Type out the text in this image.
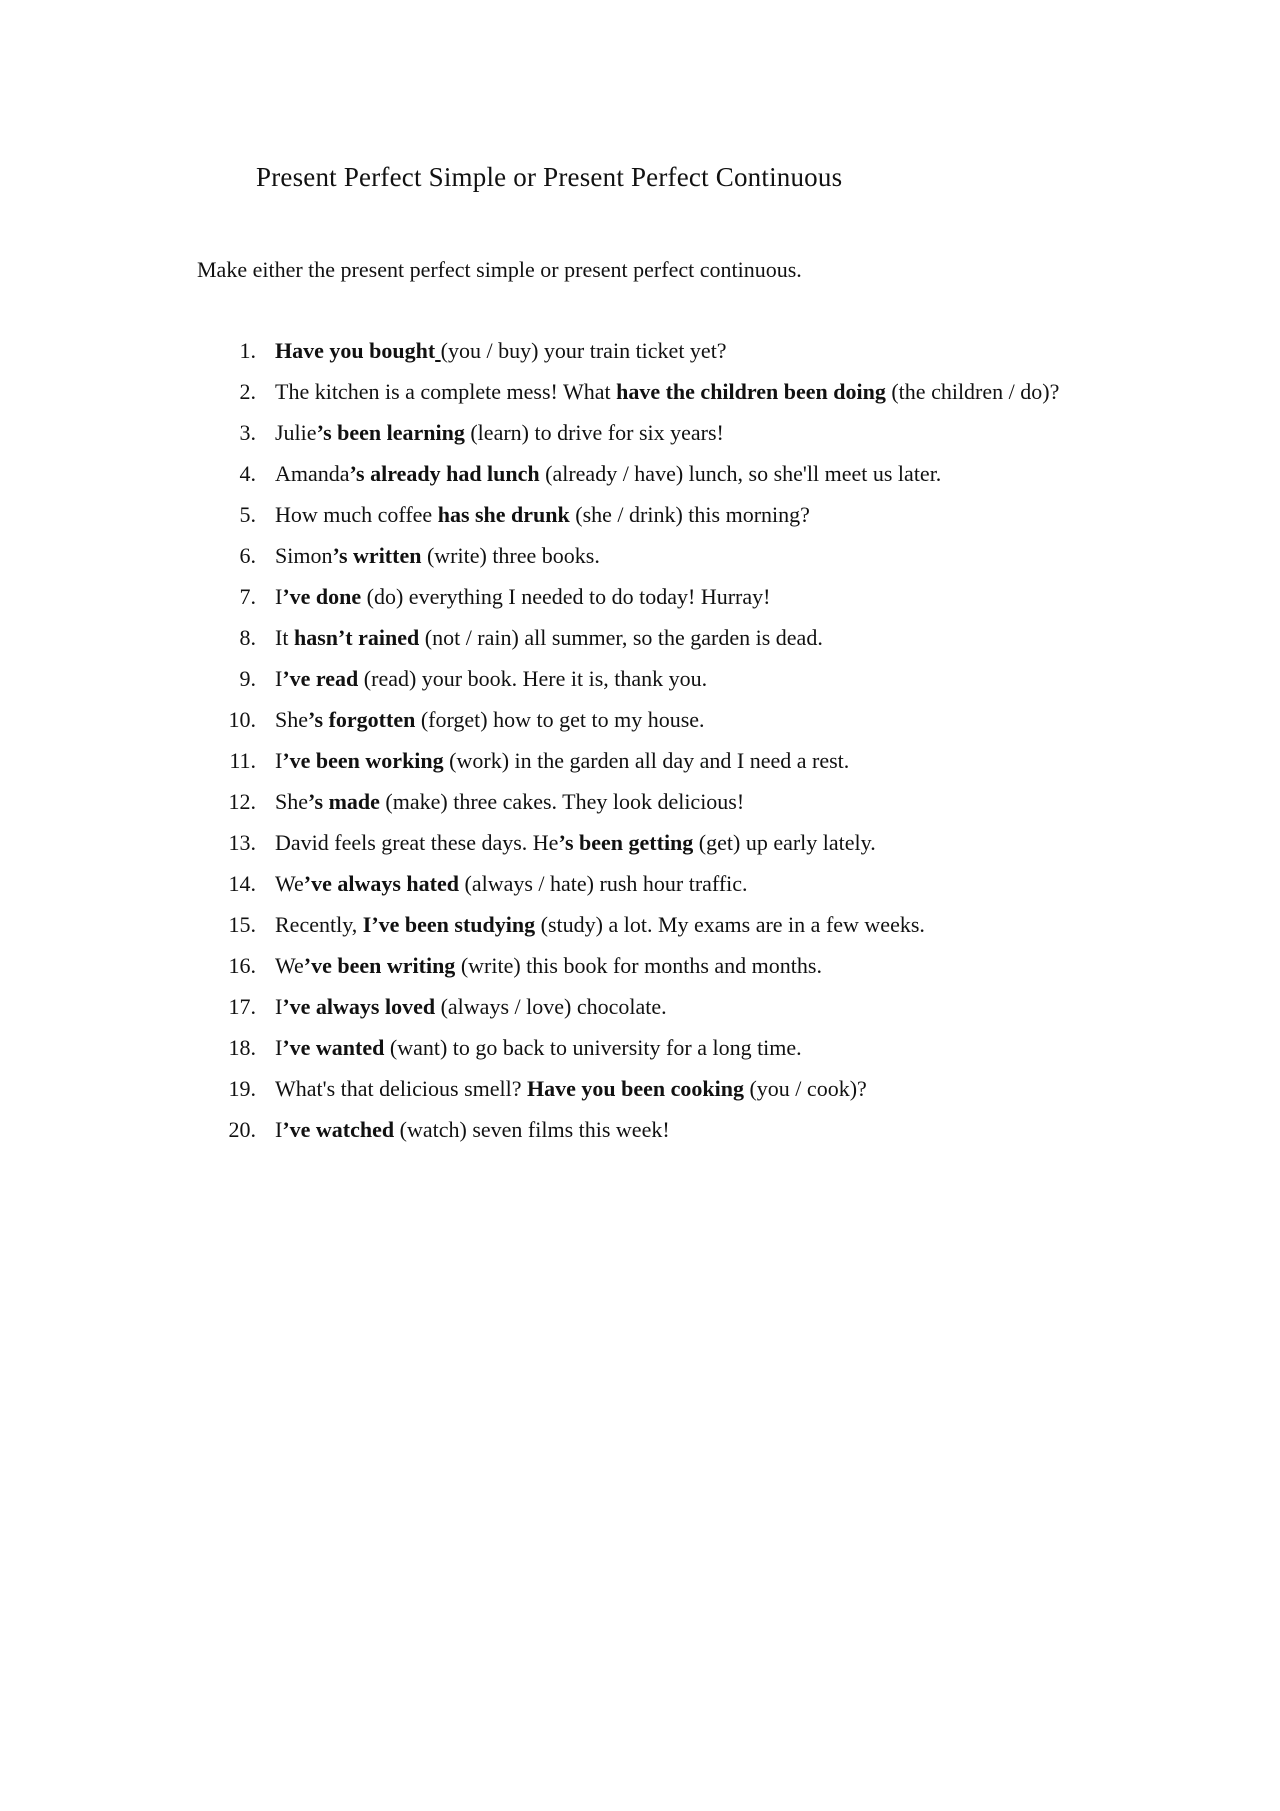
Present Perfect Simple or Present Perfect Continuous

Make either the present perfect simple or present perfect continuous.

1. Have you bought (you / buy) your train ticket yet?
2. The kitchen is a complete mess! What have the children been doing (the children / do)?
3. Julie’s been learning (learn) to drive for six years!
4. Amanda’s already had lunch (already / have) lunch, so she'll meet us later.
5. How much coffee has she drunk (she / drink) this morning?
6. Simon’s written (write) three books.
7. I’ve done (do) everything I needed to do today! Hurray!
8. It hasn’t rained (not / rain) all summer, so the garden is dead.
9. I’ve read (read) your book. Here it is, thank you.
10. She’s forgotten (forget) how to get to my house.
11. I’ve been working (work) in the garden all day and I need a rest.
12. She’s made (make) three cakes. They look delicious!
13. David feels great these days. He’s been getting (get) up early lately.
14. We’ve always hated (always / hate) rush hour traffic.
15. Recently, I’ve been studying (study) a lot. My exams are in a few weeks.
16. We’ve been writing (write) this book for months and months.
17. I’ve always loved (always / love) chocolate.
18. I’ve wanted (want) to go back to university for a long time.
19. What's that delicious smell? Have you been cooking (you / cook)?
20. I’ve watched (watch) seven films this week!
